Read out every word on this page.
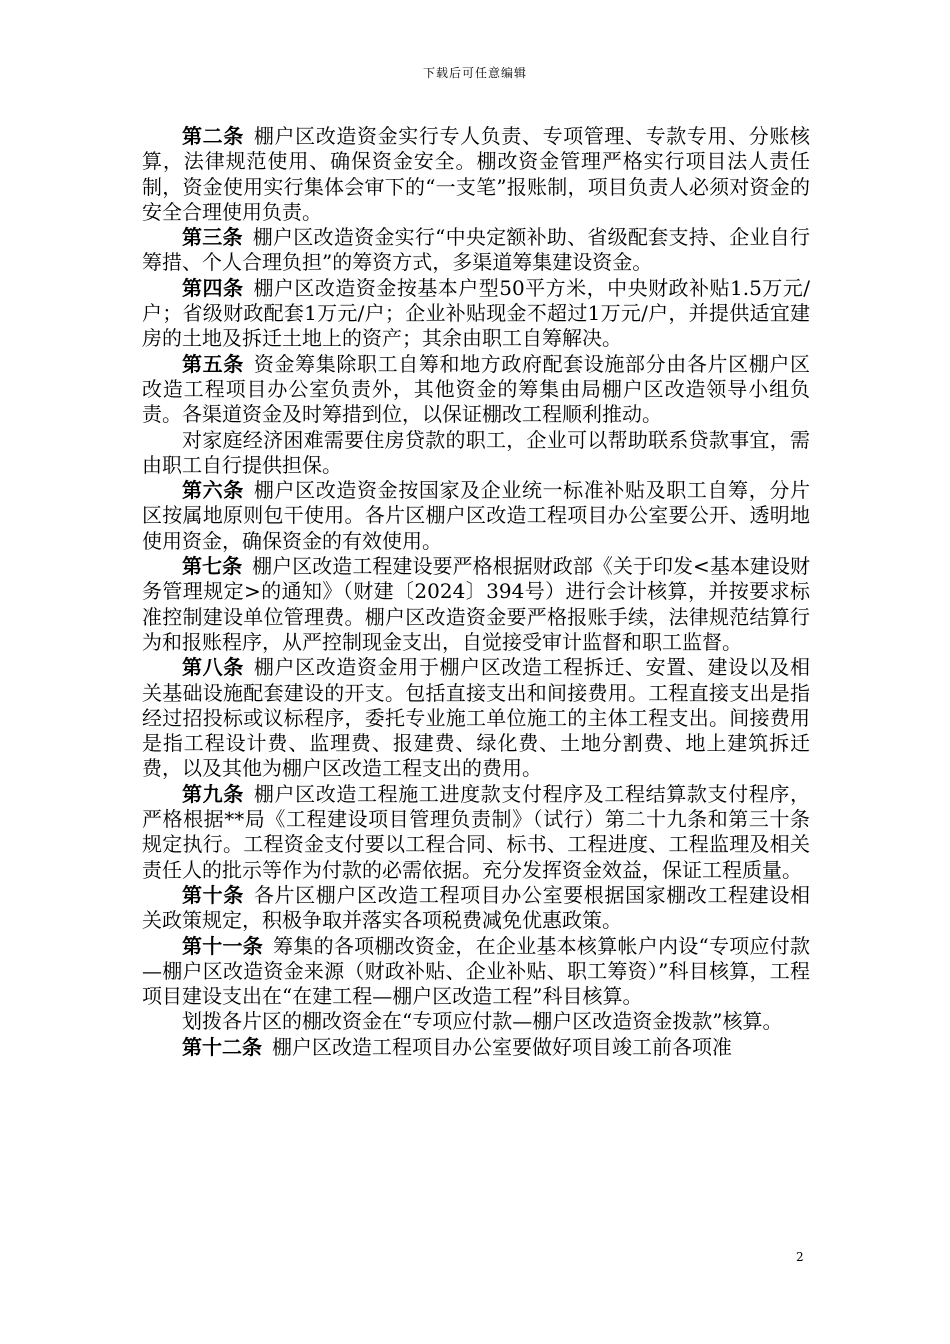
下载后可任意编辑

第二条 棚户区改造资金实行专人负责、专项管理、专款专用、分账核算，法律规范使用、确保资金安全。棚改资金管理严格实行项目法人责任制，资金使用实行集体会审下的“一支笔”报账制，项目负责人必须对资金的安全合理使用负责。

第三条 棚户区改造资金实行“中央定额补助、省级配套支持、企业自行筹措、个人合理负担”的筹资方式，多渠道筹集建设资金。

第四条 棚户区改造资金按基本户型50平方米，中央财政补贴1.5万元/户；省级财政配套1万元/户；企业补贴现金不超过1万元/户，并提供适宜建房的土地及拆迁土地上的资产；其余由职工自筹解决。

第五条 资金筹集除职工自筹和地方政府配套设施部分由各片区棚户区改造工程项目办公室负责外，其他资金的筹集由局棚户区改造领导小组负责。各渠道资金及时筹措到位，以保证棚改工程顺利推动。

对家庭经济困难需要住房贷款的职工，企业可以帮助联系贷款事宜，需由职工自行提供担保。

第六条 棚户区改造资金按国家及企业统一标准补贴及职工自筹，分片区按属地原则包干使用。各片区棚户区改造工程项目办公室要公开、透明地使用资金，确保资金的有效使用。

第七条 棚户区改造工程建设要严格根据财政部《关于印发<基本建设财务管理规定>的通知》（财建〔2024〕394号）进行会计核算，并按要求标准控制建设单位管理费。棚户区改造资金要严格报账手续，法律规范结算行为和报账程序，从严控制现金支出，自觉接受审计监督和职工监督。

第八条 棚户区改造资金用于棚户区改造工程拆迁、安置、建设以及相关基础设施配套建设的开支。包括直接支出和间接费用。工程直接支出是指经过招投标或议标程序，委托专业施工单位施工的主体工程支出。间接费用是指工程设计费、监理费、报建费、绿化费、土地分割费、地上建筑拆迁费，以及其他为棚户区改造工程支出的费用。

第九条 棚户区改造工程施工进度款支付程序及工程结算款支付程序，严格根据**局《工程建设项目管理负责制》（试行）第二十九条和第三十条规定执行。工程资金支付要以工程合同、标书、工程进度、工程监理及相关责任人的批示等作为付款的必需依据。充分发挥资金效益，保证工程质量。

第十条 各片区棚户区改造工程项目办公室要根据国家棚改工程建设相关政策规定，积极争取并落实各项税费减免优惠政策。

第十一条 筹集的各项棚改资金，在企业基本核算帐户内设“专项应付款—棚户区改造资金来源（财政补贴、企业补贴、职工筹资）”科目核算，工程项目建设支出在“在建工程—棚户区改造工程”科目核算。

划拨各片区的棚改资金在“专项应付款—棚户区改造资金拨款”核算。

第十二条 棚户区改造工程项目办公室要做好项目竣工前各项准

2
